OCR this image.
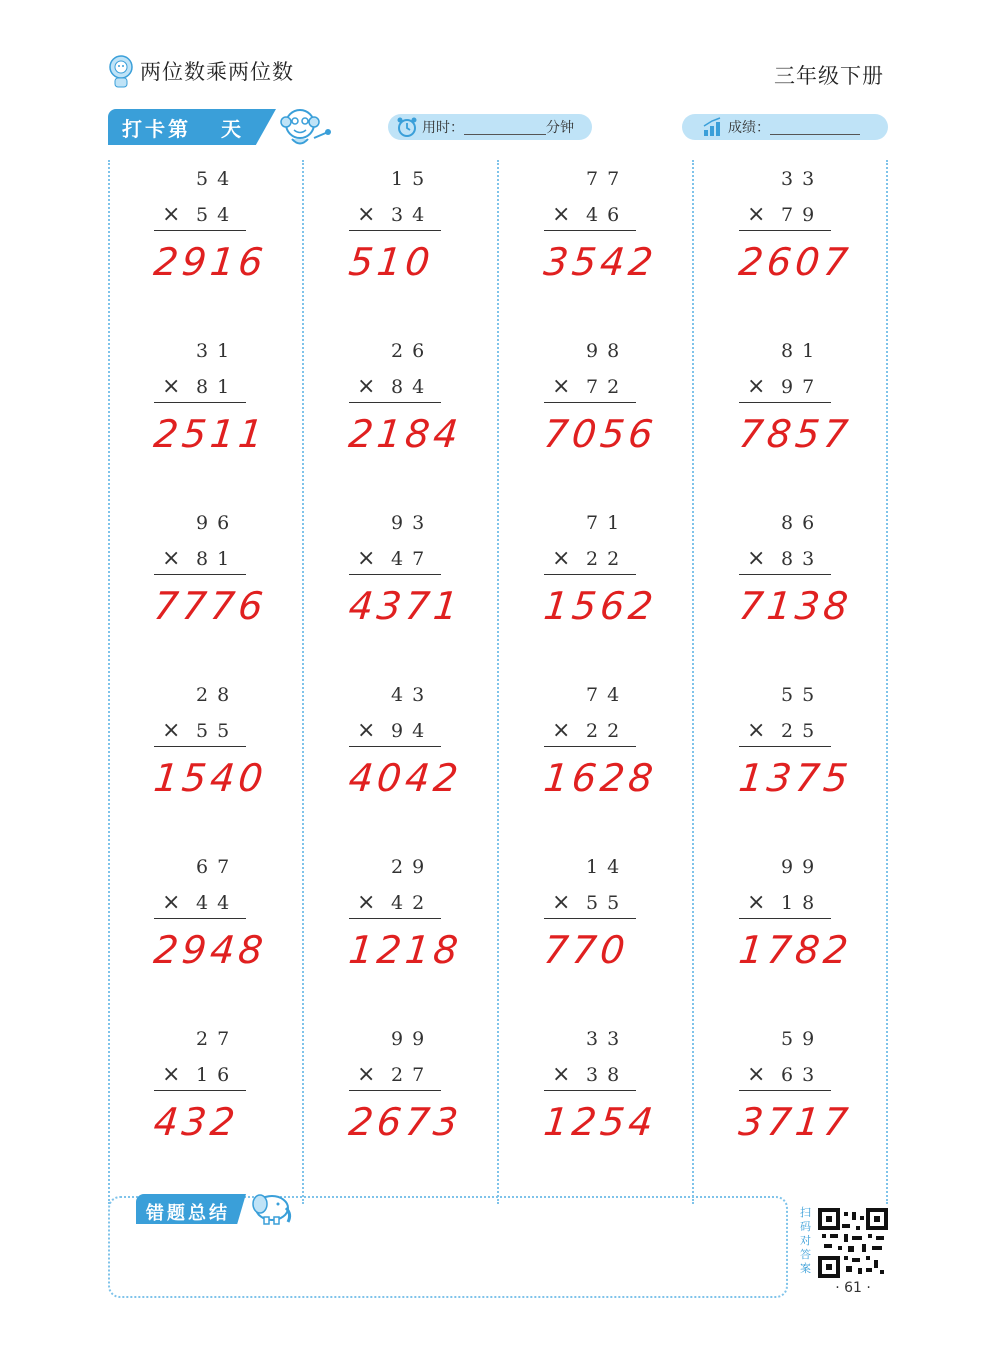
两位数乘两位数	三年级下册
打卡第 天	用时：	分钟	成绩：
54
× 54
2916
31
× 81
2511
96
× 81
7776
28
× 55
1540
67
× 44
2948
27
× 16
432
15
× 34
510
26
× 84
2184
93
× 47
4371
43
× 94
4042
29
× 42
1218
99
× 27
2673
77
× 46
3542
98
× 72
7056
71
× 22
1562
74
× 22
1628
14
× 55
770
33
× 38
1254
33
× 79
2607
81
× 97
7857
86
× 83
7138
55
× 25
1375
99
× 18
1782
59
× 63
3717
错题总结	扫码对答案
· 61 ·
